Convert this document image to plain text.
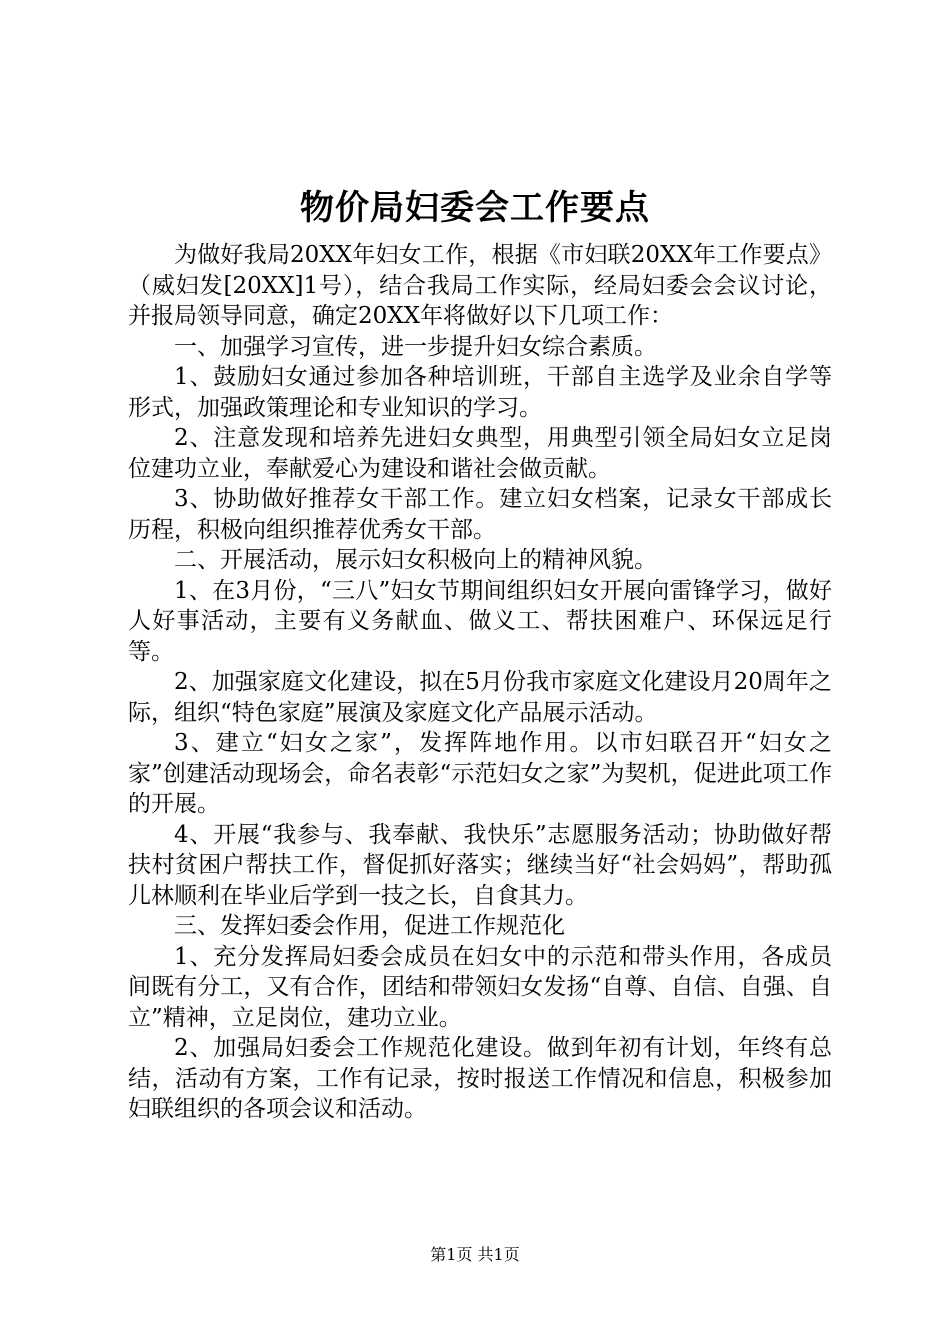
物价局妇委会工作要点

为做好我局20XX年妇女工作，根据《市妇联20XX年工作要点》（威妇发[20XX]1号），结合我局工作实际，经局妇委会会议讨论，并报局领导同意，确定20XX年将做好以下几项工作：

一、加强学习宣传，进一步提升妇女综合素质。

1、鼓励妇女通过参加各种培训班，干部自主选学及业余自学等形式，加强政策理论和专业知识的学习。

2、注意发现和培养先进妇女典型，用典型引领全局妇女立足岗位建功立业，奉献爱心为建设和谐社会做贡献。

3、协助做好推荐女干部工作。建立妇女档案，记录女干部成长历程，积极向组织推荐优秀女干部。

二、开展活动，展示妇女积极向上的精神风貌。

1、在3月份，“三八”妇女节期间组织妇女开展向雷锋学习，做好人好事活动，主要有义务献血、做义工、帮扶困难户、环保远足行等。

2、加强家庭文化建设，拟在5月份我市家庭文化建设月20周年之际，组织“特色家庭”展演及家庭文化产品展示活动。

3、建立“妇女之家”，发挥阵地作用。以市妇联召开“妇女之家”创建活动现场会，命名表彰“示范妇女之家”为契机，促进此项工作的开展。

4、开展“我参与、我奉献、我快乐”志愿服务活动；协助做好帮扶村贫困户帮扶工作，督促抓好落实；继续当好“社会妈妈”，帮助孤儿林顺利在毕业后学到一技之长，自食其力。

三、发挥妇委会作用，促进工作规范化

1、充分发挥局妇委会成员在妇女中的示范和带头作用，各成员间既有分工，又有合作，团结和带领妇女发扬“自尊、自信、自强、自立”精神，立足岗位，建功立业。

2、加强局妇委会工作规范化建设。做到年初有计划，年终有总结，活动有方案，工作有记录，按时报送工作情况和信息，积极参加妇联组织的各项会议和活动。

第1页 共1页
